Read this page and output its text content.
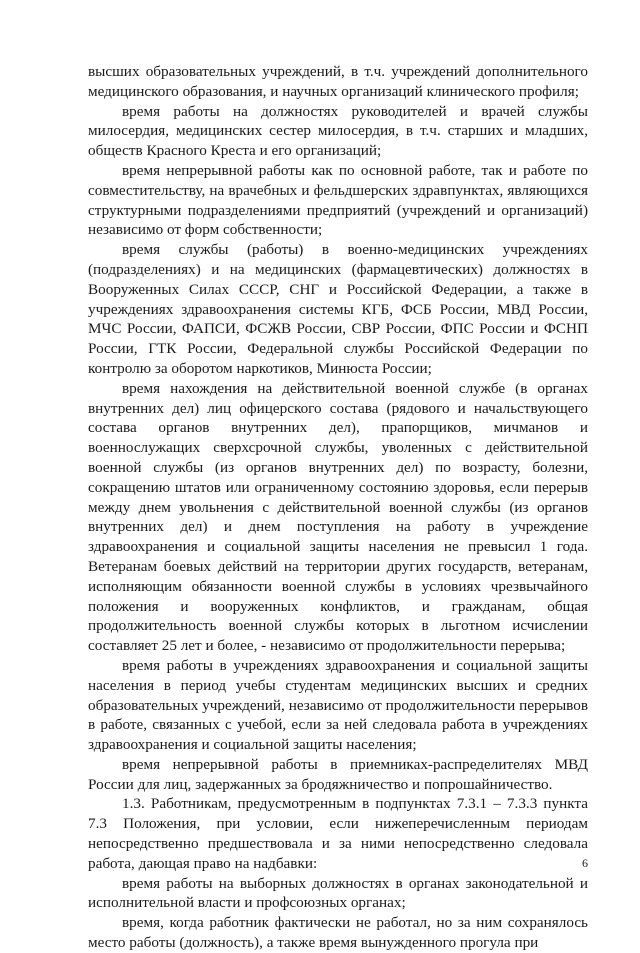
высших образовательных учреждений, в т.ч. учреждений дополнительного медицинского образования, и научных организаций клинического профиля;

время работы на должностях руководителей и врачей службы милосердия, медицинских сестер милосердия, в т.ч. старших и младших, обществ Красного Креста и его организаций;

время непрерывной работы как по основной работе, так и работе по совместительству, на врачебных и фельдшерских здравпунктах, являющихся структурными подразделениями предприятий (учреждений и организаций) независимо от форм собственности;

время службы (работы) в военно-медицинских учреждениях (подразделениях) и на медицинских (фармацевтических) должностях в Вооруженных Силах СССР, СНГ и Российской Федерации, а также в учреждениях здравоохранения системы КГБ, ФСБ России, МВД России, МЧС России, ФАПСИ, ФСЖВ России, СВР России, ФПС России и ФСНП России, ГТК России, Федеральной службы Российской Федерации по контролю за оборотом наркотиков, Минюста России;

время нахождения на действительной военной службе (в органах внутренних дел) лиц офицерского состава (рядового и начальствующего состава органов внутренних дел), прапорщиков, мичманов и военнослужащих сверхсрочной службы, уволенных с действительной военной службы (из органов внутренних дел) по возрасту, болезни, сокращению штатов или ограниченному состоянию здоровья, если перерыв между днем увольнения с действительной военной службы (из органов внутренних дел) и днем поступления на работу в учреждение здравоохранения и социальной защиты населения не превысил 1 года. Ветеранам боевых действий на территории других государств, ветеранам, исполняющим обязанности военной службы в условиях чрезвычайного положения и вооруженных конфликтов, и гражданам, общая продолжительность военной службы которых в льготном исчислении составляет 25 лет и более, - независимо от продолжительности перерыва;

время работы в учреждениях здравоохранения и социальной защиты населения в период учебы студентам медицинских высших и средних образовательных учреждений, независимо от продолжительности перерывов в работе, связанных с учебой, если за ней следовала работа в учреждениях здравоохранения и социальной защиты населения;

время непрерывной работы в приемниках-распределителях МВД России для лиц, задержанных за бродяжничество и попрошайничество.

1.3. Работникам, предусмотренным в подпунктах 7.3.1 – 7.3.3 пункта 7.3 Положения, при условии, если нижеперечисленным периодам непосредственно предшествовала и за ними непосредственно следовала работа, дающая право на надбавки:

время работы на выборных должностях в органах законодательной и исполнительной власти и профсоюзных органах;

время, когда работник фактически не работал, но за ним сохранялось место работы (должность), а также время вынужденного прогула при

6
